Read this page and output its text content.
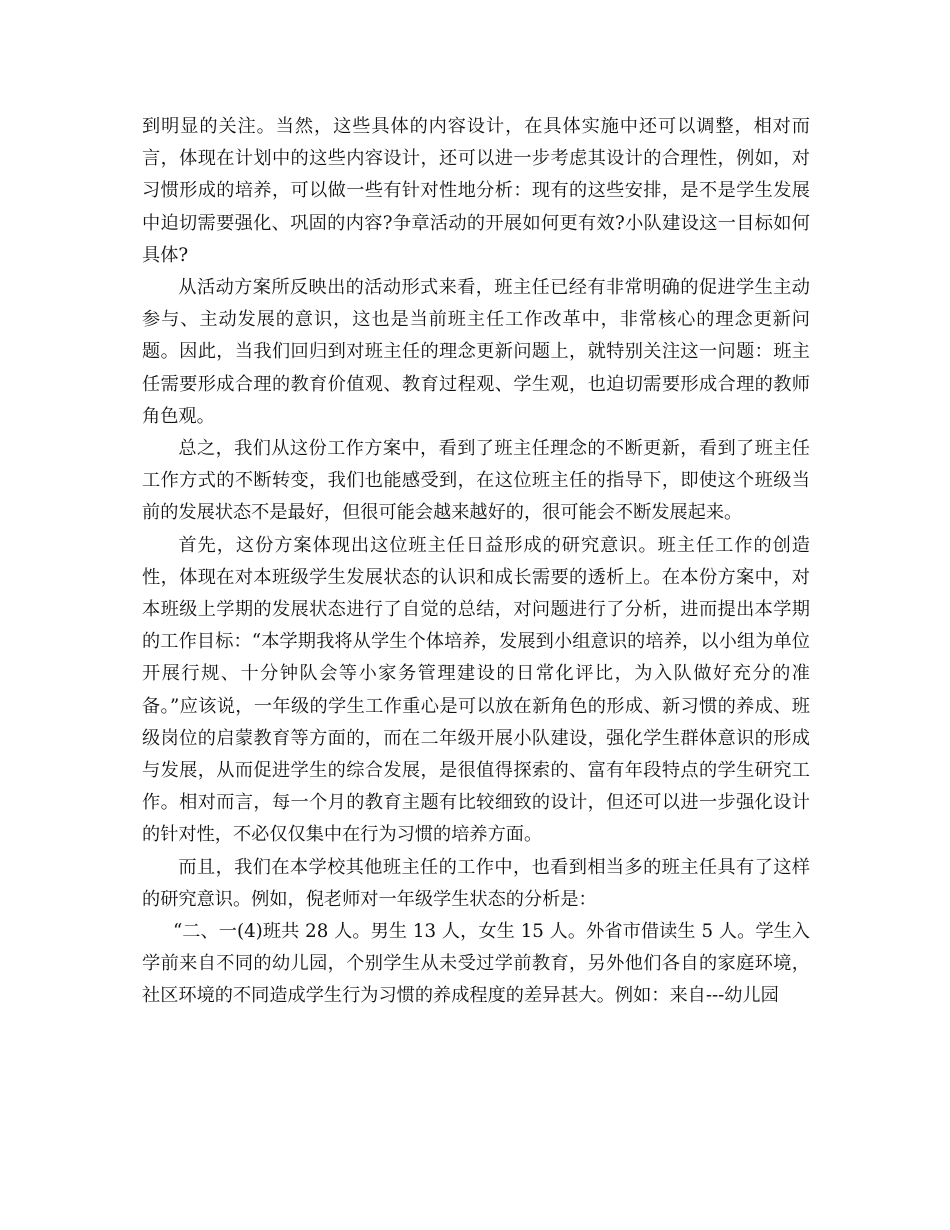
到明显的关注。当然，这些具体的内容设计，在具体实施中还可以调整，相对而言，体现在计划中的这些内容设计，还可以进一步考虑其设计的合理性，例如，对习惯形成的培养，可以做一些有针对性地分析：现有的这些安排，是不是学生发展中迫切需要强化、巩固的内容?争章活动的开展如何更有效?小队建设这一目标如何具体?

从活动方案所反映出的活动形式来看，班主任已经有非常明确的促进学生主动参与、主动发展的意识，这也是当前班主任工作改革中，非常核心的理念更新问题。因此，当我们回归到对班主任的理念更新问题上，就特别关注这一问题：班主任需要形成合理的教育价值观、教育过程观、学生观，也迫切需要形成合理的教师角色观。

总之，我们从这份工作方案中，看到了班主任理念的不断更新，看到了班主任工作方式的不断转变，我们也能感受到，在这位班主任的指导下，即使这个班级当前的发展状态不是最好，但很可能会越来越好的，很可能会不断发展起来。

首先，这份方案体现出这位班主任日益形成的研究意识。班主任工作的创造性，体现在对本班级学生发展状态的认识和成长需要的透析上。在本份方案中，对本班级上学期的发展状态进行了自觉的总结，对问题进行了分析，进而提出本学期的工作目标：“本学期我将从学生个体培养，发展到小组意识的培养，以小组为单位开展行规、十分钟队会等小家务管理建设的日常化评比，为入队做好充分的准备。”应该说，一年级的学生工作重心是可以放在新角色的形成、新习惯的养成、班级岗位的启蒙教育等方面的，而在二年级开展小队建设，强化学生群体意识的形成与发展，从而促进学生的综合发展，是很值得探索的、富有年段特点的学生研究工作。相对而言，每一个月的教育主题有比较细致的设计，但还可以进一步强化设计的针对性，不必仅仅集中在行为习惯的培养方面。

而且，我们在本学校其他班主任的工作中，也看到相当多的班主任具有了这样的研究意识。例如，倪老师对一年级学生状态的分析是：

“二、一(4)班共 28 人。男生 13 人，女生 15 人。外省市借读生 5 人。学生入学前来自不同的幼儿园，个别学生从未受过学前教育，另外他们各自的家庭环境，社区环境的不同造成学生行为习惯的养成程度的差异甚大。例如：来自---幼儿园
